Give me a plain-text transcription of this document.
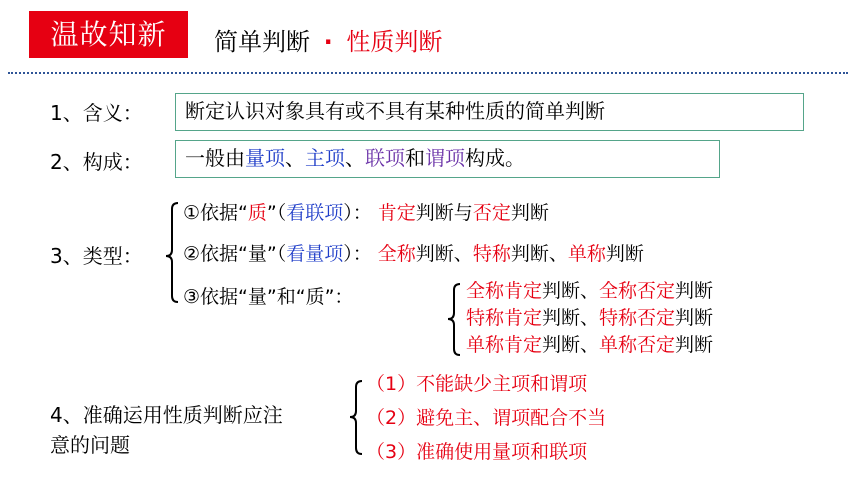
温故知新	简单判断 · 性质判断
1、含义：	断定认识对象具有或不具有某种性质的简单判断
2、构成：	一般由量项、主项、联项和谓项构成。
3、类型：
①依据“质”（看联项）： 肯定判断与否定判断
②依据“量”（看量项）： 全称判断、特称判断、单称判断
③依据“量”和“质”：	全称肯定判断、全称否定判断
特称肯定判断、特称否定判断
单称肯定判断、单称否定判断
4、准确运用性质判断应注
意的问题
（1）不能缺少主项和谓项
（2）避免主、谓项配合不当
（3）准确使用量项和联项
